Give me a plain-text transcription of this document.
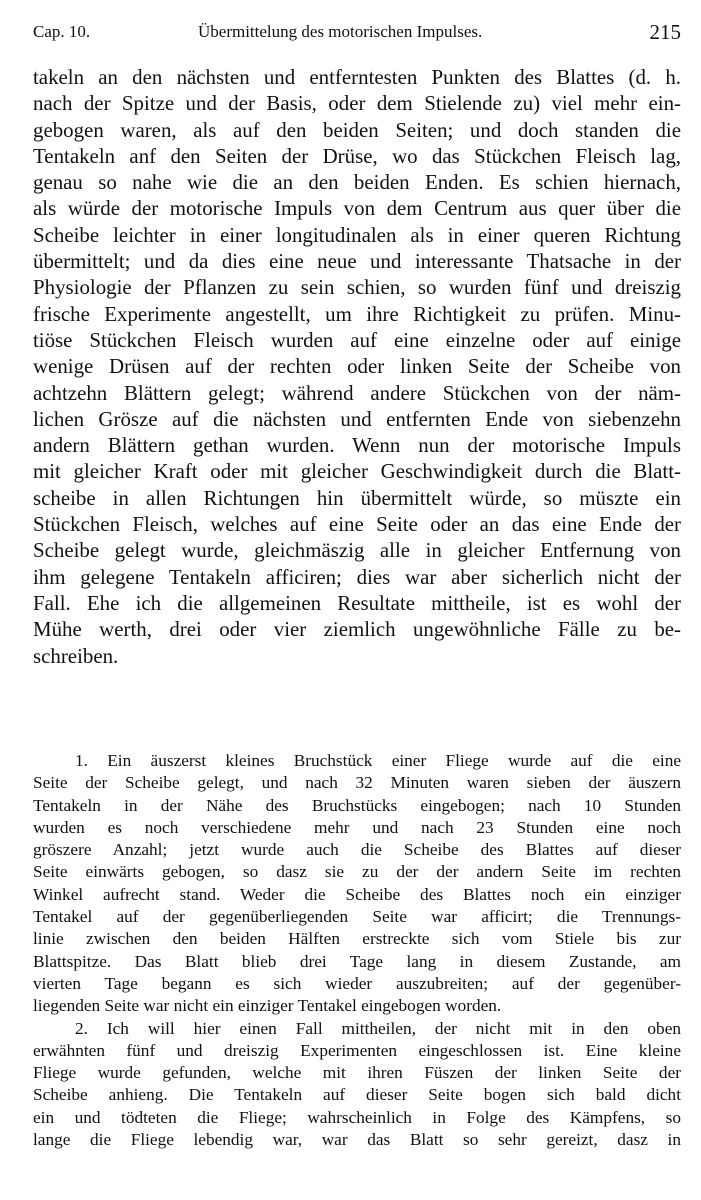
Cap. 10.	Übermittelung des motorischen Impulses.	215
takeln an den nächsten und entferntesten Punkten des Blattes (d. h.
nach der Spitze und der Basis, oder dem Stielende zu) viel mehr ein-
gebogen waren, als auf den beiden Seiten; und doch standen die
Tentakeln anf den Seiten der Drüse, wo das Stückchen Fleisch lag,
genau so nahe wie die an den beiden Enden. Es schien hiernach,
als würde der motorische Impuls von dem Centrum aus quer über die
Scheibe leichter in einer longitudinalen als in einer queren Richtung
übermittelt; und da dies eine neue und interessante Thatsache in der
Physiologie der Pflanzen zu sein schien, so wurden fünf und dreiszig
frische Experimente angestellt, um ihre Richtigkeit zu prüfen. Minu-
tiöse Stückchen Fleisch wurden auf eine einzelne oder auf einige
wenige Drüsen auf der rechten oder linken Seite der Scheibe von
achtzehn Blättern gelegt; während andere Stückchen von der näm-
lichen Grösze auf die nächsten und entfernten Ende von siebenzehn
andern Blättern gethan wurden. Wenn nun der motorische Impuls
mit gleicher Kraft oder mit gleicher Geschwindigkeit durch die Blatt-
scheibe in allen Richtungen hin übermittelt würde, so müszte ein
Stückchen Fleisch, welches auf eine Seite oder an das eine Ende der
Scheibe gelegt wurde, gleichmäszig alle in gleicher Entfernung von
ihm gelegene Tentakeln afficiren; dies war aber sicherlich nicht der
Fall. Ehe ich die allgemeinen Resultate mittheile, ist es wohl der
Mühe werth, drei oder vier ziemlich ungewöhnliche Fälle zu be-
schreiben.
1. Ein äuszerst kleines Bruchstück einer Fliege wurde auf die eine
Seite der Scheibe gelegt, und nach 32 Minuten waren sieben der äuszern
Tentakeln in der Nähe des Bruchstücks eingebogen; nach 10 Stunden
wurden es noch verschiedene mehr und nach 23 Stunden eine noch
gröszere Anzahl; jetzt wurde auch die Scheibe des Blattes auf dieser
Seite einwärts gebogen, so dasz sie zu der der andern Seite im rechten
Winkel aufrecht stand. Weder die Scheibe des Blattes noch ein einziger
Tentakel auf der gegenüberliegenden Seite war afficirt; die Trennungs-
linie zwischen den beiden Hälften erstreckte sich vom Stiele bis zur
Blattspitze. Das Blatt blieb drei Tage lang in diesem Zustande, am
vierten Tage begann es sich wieder auszubreiten; auf der gegenüber-
liegenden Seite war nicht ein einziger Tentakel eingebogen worden.
2. Ich will hier einen Fall mittheilen, der nicht mit in den oben
erwähnten fünf und dreiszig Experimenten eingeschlossen ist. Eine kleine
Fliege wurde gefunden, welche mit ihren Füszen der linken Seite der
Scheibe anhieng. Die Tentakeln auf dieser Seite bogen sich bald dicht
ein und tödteten die Fliege; wahrscheinlich in Folge des Kämpfens, so
lange die Fliege lebendig war, war das Blatt so sehr gereizt, dasz in
